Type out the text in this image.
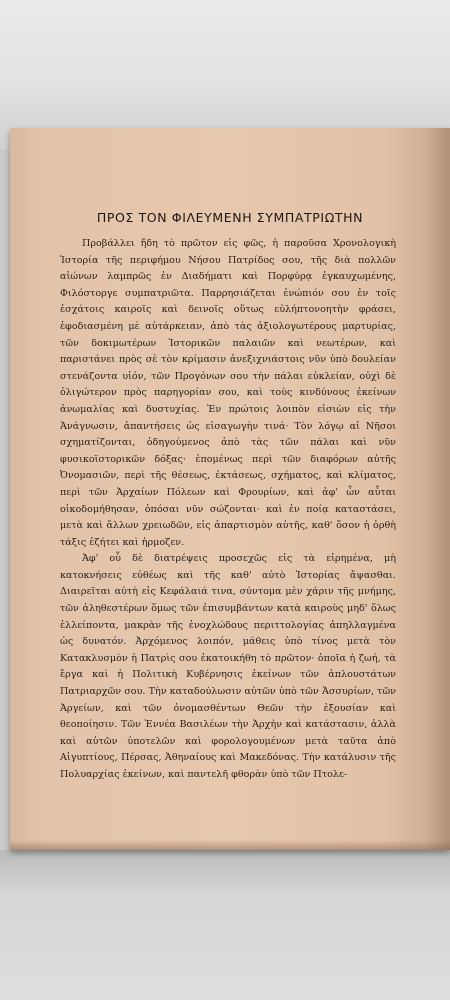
ΠΡΟΣ ΤΟΝ ΦΙΛΕΥΜΕΝΗ ΣΥΜΠΑΤΡΙΩΤΗΝ

Προβάλλει ἤδη τὸ πρῶτον εἰς φῶς, ἡ παροῦσα Χρονολογικὴ Ἱστορία τῆς περιφήμου Νήσου Πατρίδος σου, τῆς διὰ πολλῶν αἰώνων λαμπρῶς ἐν Διαδήματι καὶ Πορφύρᾳ ἐγκαυχωμένης, Φιλόστοργε συμπατριῶτα. Παρρησιάζεται ἐνώπιόν σου ἐν τοῖς ἐσχάτοις καιροῖς καὶ δεινοῖς οὕτως εὐλήπτονοητὴν φράσει, ἐφοδιασμένη μὲ αὐτάρκειαν, ἀπὸ τὰς ἀξιολογωτέρους μαρτυρίας, τῶν δοκιμωτέρων Ἱστορικῶν παλαιῶν καὶ νεωτέρων, καὶ παριστάνει πρὸς σὲ τὸν κρίμασιν ἀνεξιχνιάστοις νῦν ὑπὸ δουλείαν στενάζοντα υἱόν, τῶν Προγόνων σου τὴν πάλαι εὐκλείαν, οὐχὶ δὲ ὀλιγώτερον πρὸς παρηγορίαν σου, καὶ τοὺς κινδύνους ἐκείνων ἀνωμαλίας καὶ δυστυχίας. Ἐν πρώτοις λοιπὸν εἰσιὼν εἰς τὴν Ἀνάγνωσιν, ἀπαντήσεις ὡς εἰσαγωγὴν τινά· Τὸν λόγῳ αἱ Νῆσοι σχηματίζονται, ὁδηγούμενος ἀπὸ τὰς τῶν πάλαι καὶ νῦν φυσικοϊστορικῶν δόξας· ἑπομένως περὶ τῶν διαφόρων αὐτῆς Ὀνομασιῶν, περὶ τῆς θέσεως, ἐκτάσεως, σχήματος, καὶ κλίματος, περὶ τῶν Ἀρχαίων Πόλεων καὶ Φρουρίων, καὶ ἀφ' ὧν αὗται οἰκοδομήθησαν, ὁπόσαι νῦν σώζονται· καὶ ἐν ποίᾳ καταστάσει, μετὰ καὶ ἄλλων χρειωδῶν, εἰς ἀπαρτισμὸν αὐτῆς, καθ' ὅσον ἡ ὀρθὴ τάξις ἐζήτει καὶ ἡρμοζεν.

Ἀφ' οὗ δὲ διατρέψεις προσεχῶς εἰς τὰ εἰρημένα, μὴ κατοκνήσεις εὐθέως καὶ τῆς καθ' αὐτὸ Ἱστορίας ἄψασθαι. Διαιρεῖται αὐτὴ εἰς Κεφάλαιά τινα, σύντομα μὲν χάριν τῆς μνήμης, τῶν ἀληθεστέρων ὅμως τῶν ἐπισυμβάντων κατὰ καιροὺς μηδ' ὅλως ἐλλείποντα, μακρὰν τῆς ἐνοχλώδους περιττολογίας ἀπηλλαγμένα ὡς δυνατόν. Ἀρχόμενος λοιπόν, μάθεις ὑπὸ τίνος μετὰ τὸν Κατακλυσμὸν ἡ Πατρὶς σου ἐκατοικήθη τὸ πρῶτον· ὁποῖα ἡ ζωή, τὰ ἔργα καὶ ἡ Πολιτικὴ Κυβέρνησις ἐκείνων τῶν ἁπλουστάτων Πατριαρχῶν σου. Τὴν καταδούλωσιν αὐτῶν ὑπὸ τῶν Ἀσσυρίων, τῶν Ἀργείων, καὶ τῶν ὀνομασθέντων Θεῶν τὴν ἐξουσίαν καὶ θεοποίησιν. Τῶν Ἐννέα Βασιλέων τὴν Ἀρχὴν καὶ κατάστασιν, ἀλλὰ καὶ αὐτῶν ὑποτελῶν καὶ φορολογουμένων μετὰ ταῦτα ἀπὸ Αἰγυπτίους, Πέρσας, Ἀθηναίους καὶ Μακεδόνας. Τὴν κατάλυσιν τῆς Πολυαρχίας ἐκείνων, καὶ παντελῆ φθορὰν ὑπὸ τῶν Πτολε-
